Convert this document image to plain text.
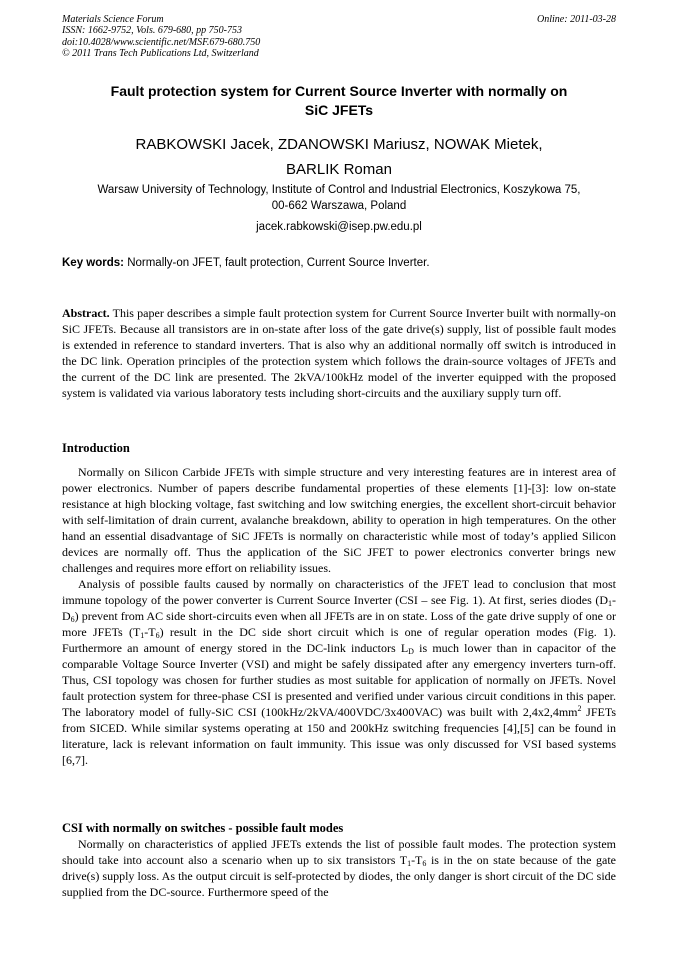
Materials Science Forum
ISSN: 1662-9752, Vols. 679-680, pp 750-753
doi:10.4028/www.scientific.net/MSF.679-680.750
© 2011 Trans Tech Publications Ltd, Switzerland
Online: 2011-03-28
Fault protection system for Current Source Inverter with normally on
SiC JFETs
RABKOWSKI Jacek, ZDANOWSKI Mariusz, NOWAK Mietek,
BARLIK Roman
Warsaw University of Technology, Institute of Control and Industrial Electronics, Koszykowa 75,
00-662 Warszawa, Poland
jacek.rabkowski@isep.pw.edu.pl
Key words: Normally-on JFET, fault protection, Current Source Inverter.
Abstract. This paper describes a simple fault protection system for Current Source Inverter built with normally-on SiC JFETs. Because all transistors are in on-state after loss of the gate drive(s) supply, list of possible fault modes is extended in reference to standard inverters. That is also why an additional normally off switch is introduced in the DC link. Operation principles of the protection system which follows the drain-source voltages of JFETs and the current of the DC link are presented. The 2kVA/100kHz model of the inverter equipped with the proposed system is validated via various laboratory tests including short-circuits and the auxiliary supply turn off.
Introduction

Normally on Silicon Carbide JFETs with simple structure and very interesting features are in interest area of power electronics. Number of papers describe fundamental properties of these elements [1]-[3]: low on-state resistance at high blocking voltage, fast switching and low switching energies, the excellent short-circuit behavior with self-limitation of drain current, avalanche breakdown, ability to operation in high temperatures. On the other hand an essential disadvantage of SiC JFETs is normally on characteristic while most of today’s applied Silicon devices are normally off. Thus the application of the SiC JFET to power electronics converter brings new challenges and requires more effort on reliability issues.

Analysis of possible faults caused by normally on characteristics of the JFET lead to conclusion that most immune topology of the power converter is Current Source Inverter (CSI – see Fig. 1). At first, series diodes $(D_1-D_6)$ prevent from AC side short-circuits even when all JFETs are in on state. Loss of the gate drive supply of one or more JFETs $(T_1-T_6)$ result in the DC side short circuit which is one of regular operation modes (Fig. 1). Furthermore an amount of energy stored in the DC-link inductors $L_D$ is much lower than in capacitor of the comparable Voltage Source Inverter (VSI) and might be safely dissipated after any emergency inverters turn-off. Thus, CSI topology was chosen for further studies as most suitable for application of normally on JFETs. Novel fault protection system for three-phase CSI is presented and verified under various circuit conditions in this paper. The laboratory model of fully-SiC CSI (100kHz/2kVA/400VDC/3x400VAC) was built with $2,4x2,4mm^2$ JFETs from SICED. While similar systems operating at 150 and 200kHz switching frequencies [4],[5] can be found in literature, lack is relevant information on fault immunity. This issue was only discussed for VSI based systems [6,7].

CSI with normally on switches - possible fault modes

Normally on characteristics of applied JFETs extends the list of possible fault modes. The protection system should take into account also a scenario when up to six transistors $T_1-T_6$ is in the on state because of the gate drive(s) supply loss. As the output circuit is self-protected by diodes, the only danger is short circuit of the DC side supplied from the DC-source. Furthermore speed of the
